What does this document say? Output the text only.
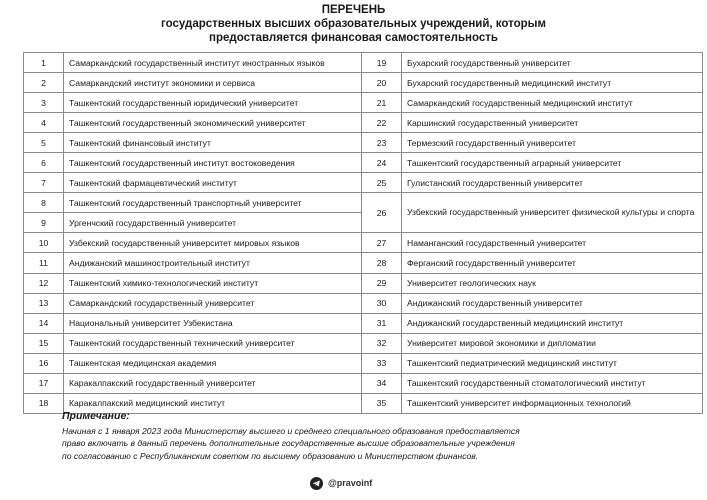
ПЕРЕЧЕНЬ
государственных высших образовательных учреждений, которым
предоставляется финансовая самостоятельность
1	Самаркандский государственный институт иностранных языков	19	Бухарский государственный университет
2	Самаркандский институт экономики и сервиса	20	Бухарский государственный медицинский институт
3	Ташкентский государственный юридический университет	21	Самаркандский государственный медицинский институт
4	Ташкентский государственный экономический университет	22	Каршинский государственный университет
5	Ташкентский финансовый институт	23	Термезский государственный университет
6	Ташкентский государственный институт востоковедения	24	Ташкентский государственный аграрный университет
7	Ташкентский фармацевтический институт	25	Гулистанский государственный университет
8	Ташкентский государственный транспортный университет	26	Узбекский государственный университет физической культуры и спорта
9	Ургенчский государственный университет		
10	Узбекский государственный университет мировых языков	27	Наманганский государственный университет
11	Андижанский машиностроительный институт	28	Ферганский государственный университет
12	Ташкентский химико-технологический институт	29	Университет геологических наук
13	Самаркандский государственный университет	30	Андижанский государственный университет
14	Национальный университет Узбекистана	31	Андижанский государственный медицинский институт
15	Ташкентский государственный технический университет	32	Университет мировой экономики и дипломатии
16	Ташкентская медицинская академия	33	Ташкентский педиатрический медицинский институт
17	Каракалпакский государственный университет	34	Ташкентский государственный стоматологический институт
18	Каракалпакский медицинский институт	35	Ташкентский университет информационных технологий
Примечание:
Начиная с 1 января 2023 года Министерству высшего и среднего специального образования предоставляется
право включать в данный перечень дополнительные государственные высшие образовательные учреждения
по согласованию с Республиканским советом по высшему образованию и Министерством финансов.
@pravoinf
